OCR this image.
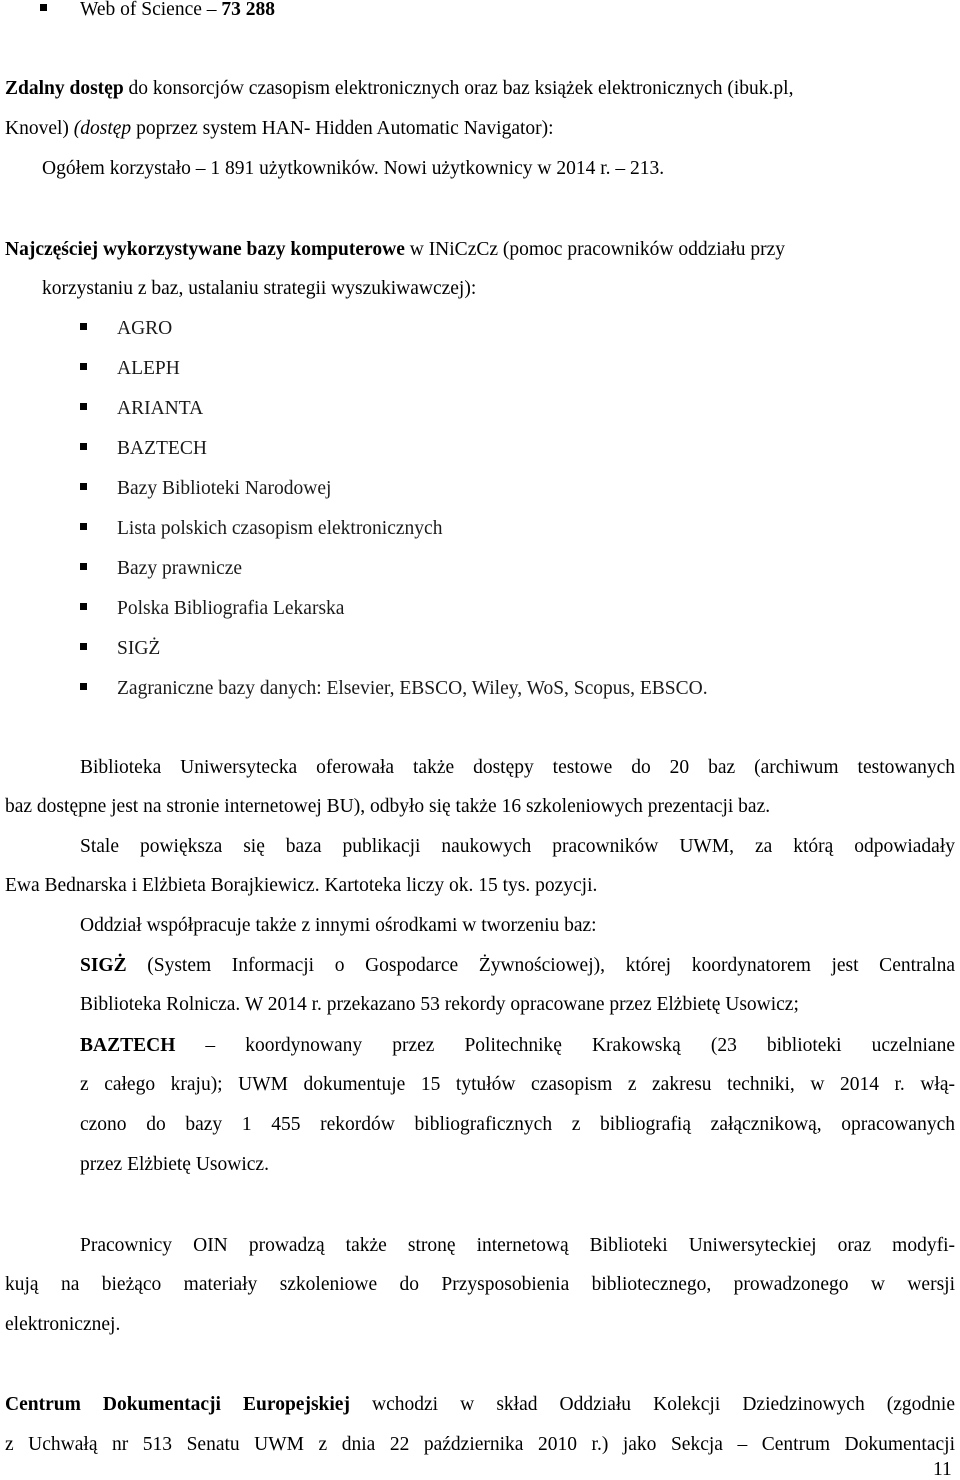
Web of Science – 73 288
Zdalny dostęp do konsorcjów czasopism elektronicznych oraz baz książek elektronicznych (ibuk.pl,
Knovel) (dostęp poprzez system HAN- Hidden Automatic Navigator):
Ogółem korzystało – 1 891 użytkowników. Nowi użytkownicy w 2014 r. – 213.
Najczęściej wykorzystywane bazy komputerowe w INiCzCz (pomoc pracowników oddziału przy
korzystaniu z baz, ustalaniu strategii wyszukiwawczej):
AGRO
ALEPH
ARIANTA
BAZTECH
Bazy Biblioteki Narodowej
Lista polskich czasopism elektronicznych
Bazy prawnicze
Polska Bibliografia Lekarska
SIGŻ
Zagraniczne bazy danych: Elsevier, EBSCO, Wiley, WoS, Scopus, EBSCO.
Biblioteka Uniwersytecka oferowała także dostępy testowe do 20 baz (archiwum testowanych
baz dostępne jest na stronie internetowej BU), odbyło się także 16 szkoleniowych prezentacji baz.
Stale powiększa się baza publikacji naukowych pracowników UWM, za którą odpowiadały
Ewa Bednarska i Elżbieta Borajkiewicz. Kartoteka liczy ok. 15 tys. pozycji.
Oddział współpracuje także z innymi ośrodkami w tworzeniu baz:
SIGŻ (System Informacji o Gospodarce Żywnościowej), której koordynatorem jest Centralna
Biblioteka Rolnicza. W 2014 r. przekazano 53 rekordy opracowane przez Elżbietę Usowicz;
BAZTECH – koordynowany przez Politechnikę Krakowską (23 biblioteki uczelniane
z całego kraju); UWM dokumentuje 15 tytułów czasopism z zakresu techniki, w 2014 r. włą-
czono do bazy 1 455 rekordów bibliograficznych z bibliografią załącznikową, opracowanych
przez Elżbietę Usowicz.
Pracownicy OIN prowadzą także stronę internetową Biblioteki Uniwersyteckiej oraz modyfi-
kują na bieżąco materiały szkoleniowe do Przysposobienia bibliotecznego, prowadzonego w wersji
elektronicznej.
Centrum Dokumentacji Europejskiej wchodzi w skład Oddziału Kolekcji Dziedzinowych (zgodnie
z Uchwałą nr 513 Senatu UWM z dnia 22 października 2010 r.) jako Sekcja – Centrum Dokumentacji
11
